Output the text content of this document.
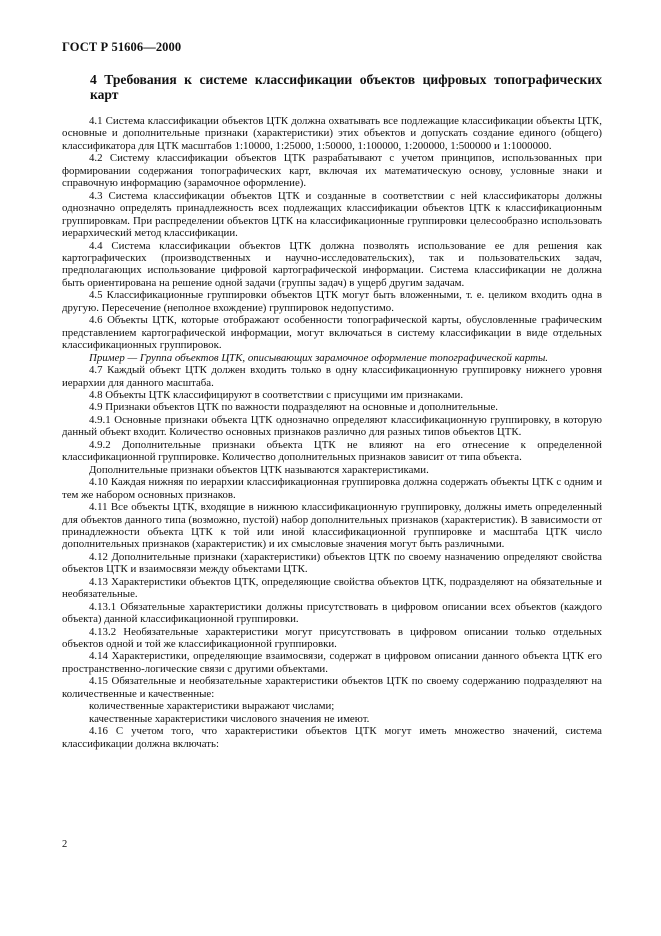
ГОСТ Р 51606—2000
4 Требования к системе классификации объектов цифровых топографических карт

4.1 Система классификации объектов ЦТК должна охватывать все подлежащие классификации объекты ЦТК, основные и дополнительные признаки (характеристики) этих объектов и допускать создание единого (общего) классификатора для ЦТК масштабов 1:10000, 1:25000, 1:50000, 1:100000, 1:200000, 1:500000 и 1:1000000.

4.2 Систему классификации объектов ЦТК разрабатывают с учетом принципов, использованных при формировании содержания топографических карт, включая их математическую основу, условные знаки и справочную информацию (зарамочное оформление).

4.3 Система классификации объектов ЦТК и созданные в соответствии с ней классификаторы должны однозначно определять принадлежность всех подлежащих классификации объектов ЦТК к классификационным группировкам. При распределении объектов ЦТК на классификационные группировки целесообразно использовать иерархический метод классификации.

4.4 Система классификации объектов ЦТК должна позволять использование ее для решения как картографических (производственных и научно-исследовательских), так и пользовательских задач, предполагающих использование цифровой картографической информации. Система классификации не должна быть ориентирована на решение одной задачи (группы задач) в ущерб другим задачам.

4.5 Классификационные группировки объектов ЦТК могут быть вложенными, т. е. целиком входить одна в другую. Пересечение (неполное вхождение) группировок недопустимо.

4.6 Объекты ЦТК, которые отображают особенности топографической карты, обусловленные графическим представлением картографической информации, могут включаться в систему классификации в виде отдельных классификационных группировок.

Пример — Группа объектов ЦТК, описывающих зарамочное оформление топографической карты.

4.7 Каждый объект ЦТК должен входить только в одну классификационную группировку нижнего уровня иерархии для данного масштаба.

4.8 Объекты ЦТК классифицируют в соответствии с присущими им признаками.

4.9 Признаки объектов ЦТК по важности подразделяют на основные и дополнительные.

4.9.1 Основные признаки объекта ЦТК однозначно определяют классификационную группировку, в которую данный объект входит. Количество основных признаков различно для разных типов объектов ЦТК.

4.9.2 Дополнительные признаки объекта ЦТК не влияют на его отнесение к определенной классификационной группировке. Количество дополнительных признаков зависит от типа объекта.

Дополнительные признаки объектов ЦТК называются характеристиками.

4.10 Каждая нижняя по иерархии классификационная группировка должна содержать объекты ЦТК с одним и тем же набором основных признаков.

4.11 Все объекты ЦТК, входящие в нижнюю классификационную группировку, должны иметь определенный для объектов данного типа (возможно, пустой) набор дополнительных признаков (характеристик). В зависимости от принадлежности объекта ЦТК к той или иной классификационной группировке и масштаба ЦТК число дополнительных признаков (характеристик) и их смысловые значения могут быть различными.

4.12 Дополнительные признаки (характеристики) объектов ЦТК по своему назначению определяют свойства объектов ЦТК и взаимосвязи между объектами ЦТК.

4.13 Характеристики объектов ЦТК, определяющие свойства объектов ЦТК, подразделяют на обязательные и необязательные.

4.13.1 Обязательные характеристики должны присутствовать в цифровом описании всех объектов (каждого объекта) данной классификационной группировки.

4.13.2 Необязательные характеристики могут присутствовать в цифровом описании только отдельных объектов одной и той же классификационной группировки.

4.14 Характеристики, определяющие взаимосвязи, содержат в цифровом описании данного объекта ЦТК его пространственно-логические связи с другими объектами.

4.15 Обязательные и необязательные характеристики объектов ЦТК по своему содержанию подразделяют на количественные и качественные:

количественные характеристики выражают числами;

качественные характеристики числового значения не имеют.

4.16 С учетом того, что характеристики объектов ЦТК могут иметь множество значений, система классификации должна включать:

2
